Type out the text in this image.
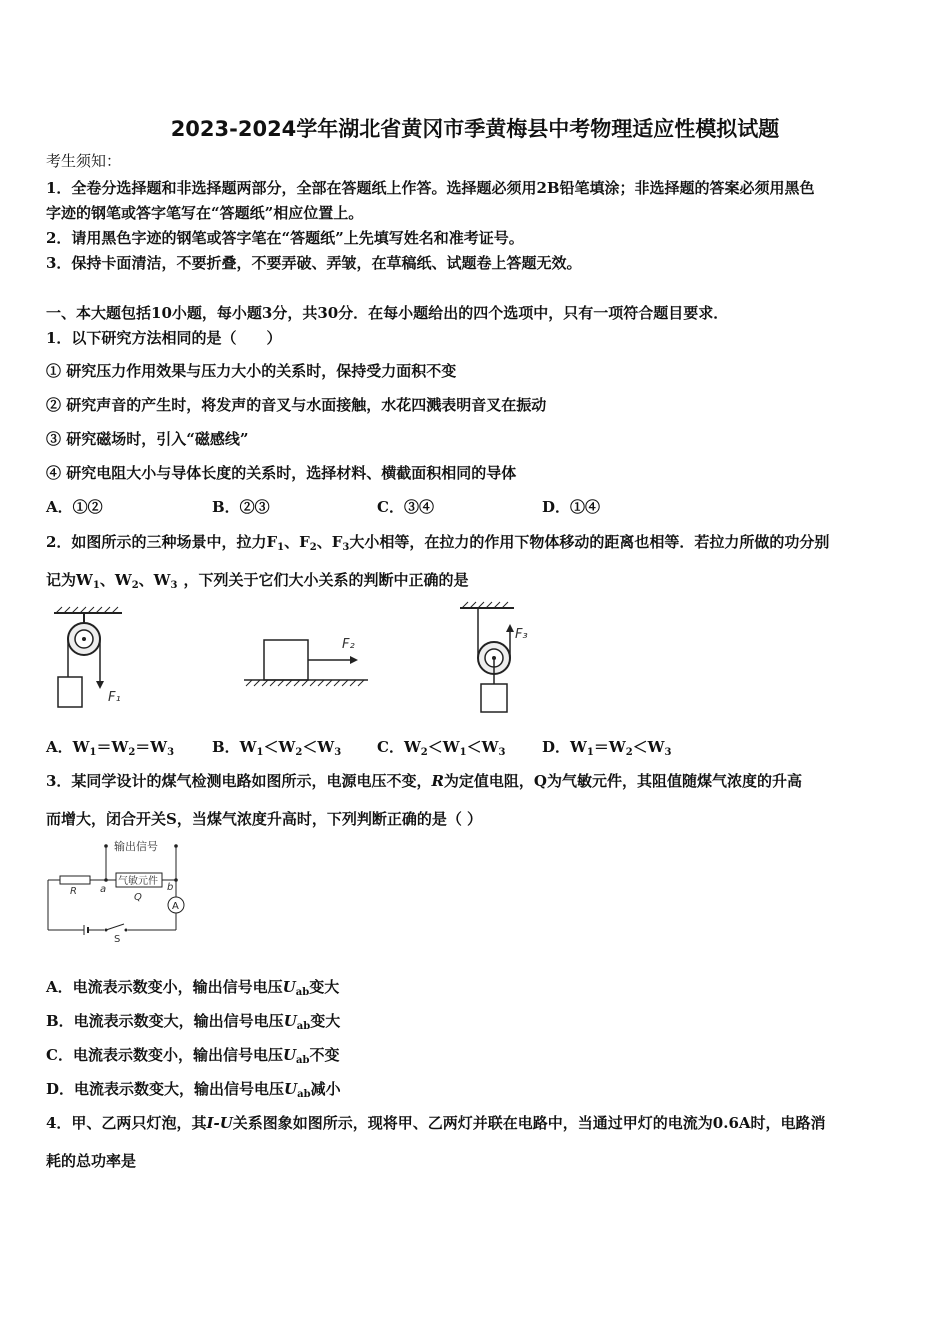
2023-2024学年湖北省黄冈市季黄梅县中考物理适应性模拟试题
考生须知：
1．全卷分选择题和非选择题两部分，全部在答题纸上作答。选择题必须用2B铅笔填涂；非选择题的答案必须用黑色
字迹的钢笔或答字笔写在“答题纸”相应位置上。
2．请用黑色字迹的钢笔或答字笔在“答题纸”上先填写姓名和准考证号。
3．保持卡面清洁，不要折叠，不要弄破、弄皱，在草稿纸、试题卷上答题无效。
一、本大题包括10小题，每小题3分，共30分．在每小题给出的四个选项中，只有一项符合题目要求．
1．以下研究方法相同的是（　　）
① 研究压力作用效果与压力大小的关系时，保持受力面积不变
② 研究声音的产生时，将发声的音叉与水面接触，水花四溅表明音叉在振动
③ 研究磁场时，引入“磁感线”
④ 研究电阻大小与导体长度的关系时，选择材料、横截面积相同的导体
A．①②	B．②③	C．③④	D．①④
2．如图所示的三种场景中，拉力$F_1$、$F_2$、$F_3$大小相等，在拉力的作用下物体移动的距离也相等．若拉力所做的功分别
记为$W_1$、$W_2$、$W_3$ ，下列关于它们大小关系的判断中正确的是
F₁
F₂
F₃
A．$W_1=W_2=W_3$	B．$W_1<W_2<W_3$ C．$W_2<W_1<W_3$ D．$W_1=W_2<W_3$
3．某同学设计的煤气检测电路如图所示，电源电压不变，R为定值电阻，Q为气敏元件，其阻值随煤气浓度的升高
而增大，闭合开关S，当煤气浓度升高时，下列判断正确的是（ ）
输出信号
R a
气敏元件
Q
b
A
S
A．电流表示数变小，输出信号电压$U_{ab}$变大
B．电流表示数变大，输出信号电压$U_{ab}$变大
C．电流表示数变小，输出信号电压$U_{ab}$不变
D．电流表示数变大，输出信号电压$U_{ab}$减小
4．甲、乙两只灯泡，其I-U关系图象如图所示，现将甲、乙两灯并联在电路中，当通过甲灯的电流为0.6A时，电路消
耗的总功率是
